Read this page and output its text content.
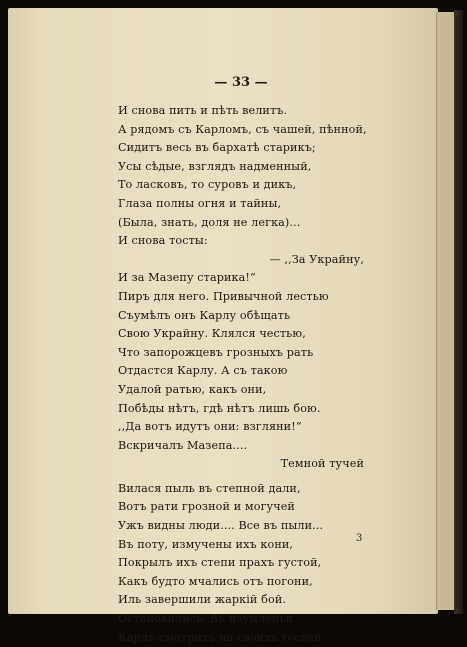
— 33 —
И снова пить и пѣть велитъ.
А рядомъ съ Карломъ, съ чашей, пѣнной,
Сидитъ весь въ бархатѣ старикъ;
Усы сѣдые, взглядъ надменный,
То ласковъ, то суровъ и дикъ,
Глаза полны огня и тайны,
(Была, знать, доля не легка)...
И снова тосты:
— ,,За Украйну,
И за Мазепу старика!“
Пиръ для него. Привычной лестью
Съумѣлъ онъ Карлу обѣщать
Свою Украйну. Клялся честью,
Что запорожцевъ грозныхъ рать
Отдастся Карлу. А съ такою
Удалой ратью, какъ они,
Побѣды нѣтъ, гдѣ нѣтъ лишь бою.
,,Да вотъ идутъ они: взгляни!“
Вскричалъ Мазепа....
Темной тучей
Вилася пыль въ степной дали,
Вотъ рати грозной и могучей
Ужъ видны люди.... Все въ пыли...
Въ поту, измучены ихъ кони,
Покрылъ ихъ степи прахъ густой,
Какъ будто мчались отъ погони,
Иль завершили жаркій бой.
Остановились. Въ изумленьи
Карлъ смотритъ на своихъ гостей.
3
